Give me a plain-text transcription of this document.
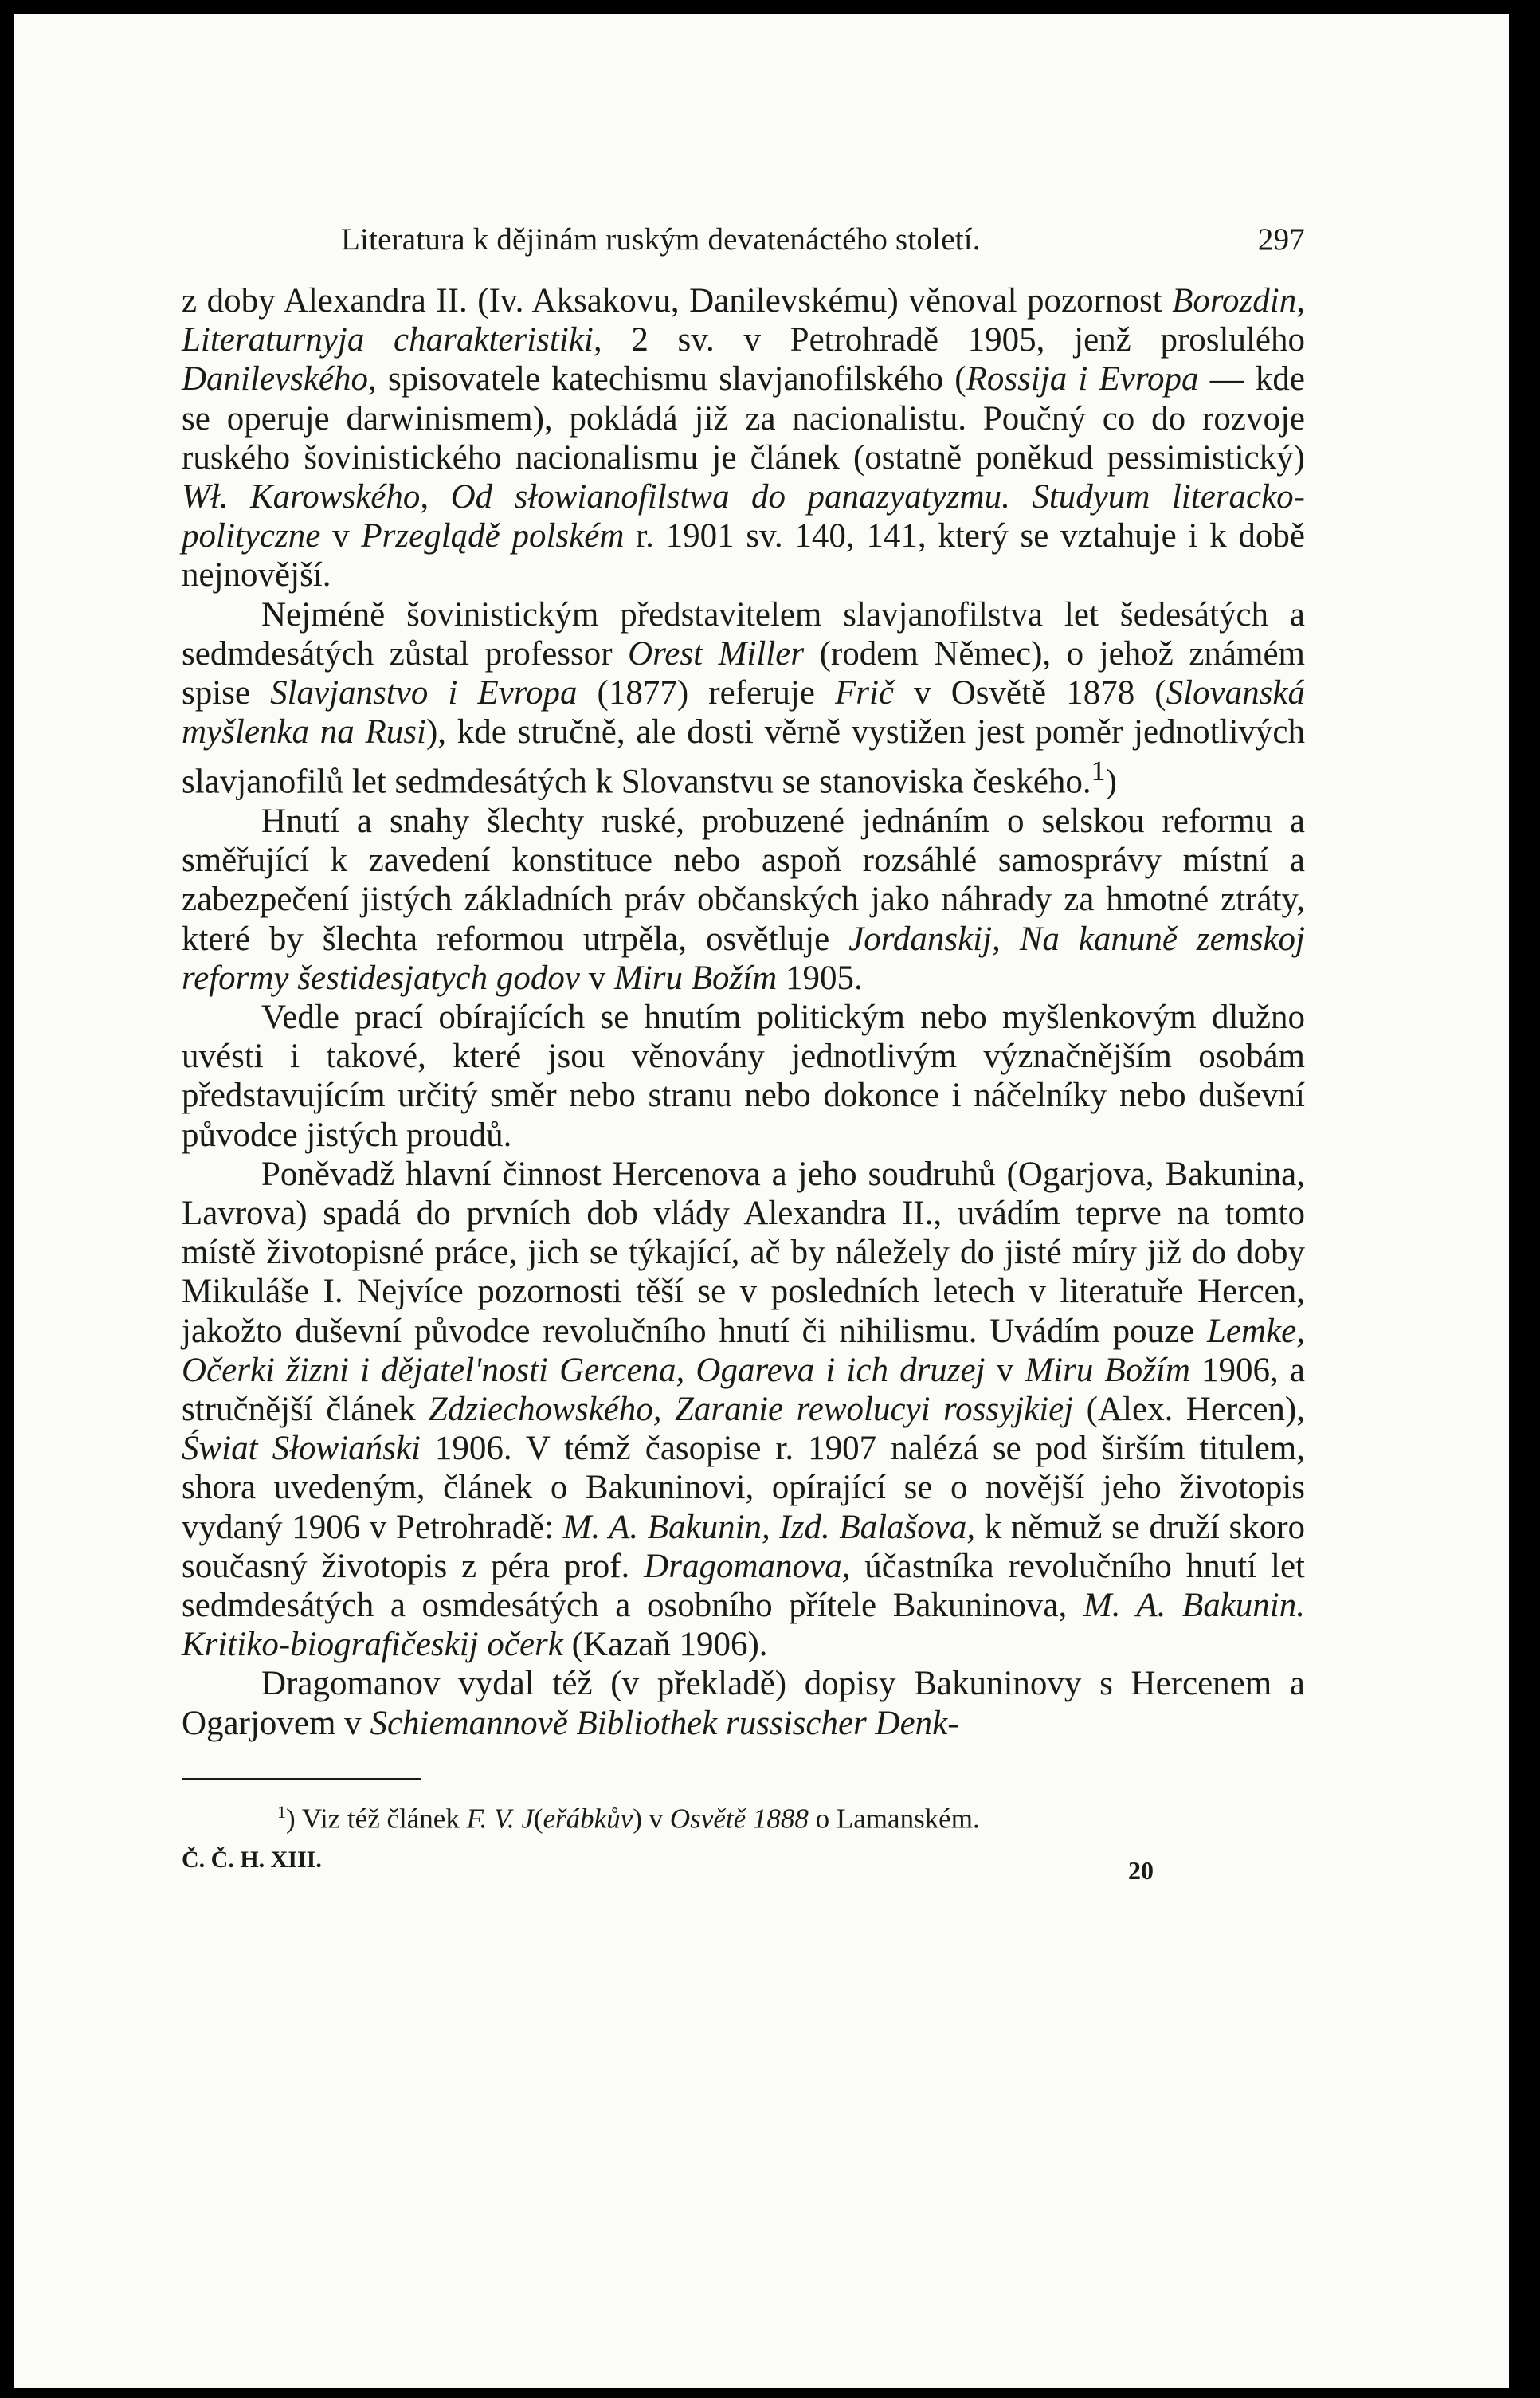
Literatura k dějinám ruským devatenáctého století.	297

z doby Alexandra II. (Iv. Aksakovu, Danilevskému) věnoval pozornost Borozdin, Literaturnyja charakteristiki, 2 sv. v Petrohradě 1905, jenž proslulého Danilevského, spisovatele katechismu slavjanofilského (Rossija i Evropa — kde se operuje darwinismem), pokládá již za nacionalistu. Poučný co do rozvoje ruského šovinistického nacionalismu je článek (ostatně poněkud pessimistický) Wł. Karowského, Od słowianofilstwa do panazyatyzmu. Studyum literacko-polityczne v Przeglądě polském r. 1901 sv. 140, 141, který se vztahuje i k době nejnovější.

Nejméně šovinistickým představitelem slavjanofilstva let šedesátých a sedmdesátých zůstal professor Orest Miller (rodem Němec), o jehož známém spise Slavjanstvo i Evropa (1877) referuje Frič v Osvětě 1878 (Slovanská myšlenka na Rusi), kde stručně, ale dosti věrně vystižen jest poměr jednotlivých slavjanofilů let sedmdesátých k Slovanstvu se stanoviska českého.$^1$)

Hnutí a snahy šlechty ruské, probuzené jednáním o selskou reformu a směřující k zavedení konstituce nebo aspoň rozsáhlé samosprávy místní a zabezpečení jistých základních práv občanských jako náhrady za hmotné ztráty, které by šlechta reformou utrpěla, osvětluje Jordanskij, Na kanuně zemskoj reformy šestidesjatych godov v Miru Božím 1905.

Vedle prací obírajících se hnutím politickým nebo myšlenkovým dlužno uvésti i takové, které jsou věnovány jednotlivým význačnějším osobám představujícím určitý směr nebo stranu nebo dokonce i náčelníky nebo duševní původce jistých proudů.

Poněvadž hlavní činnost Hercenova a jeho soudruhů (Ogarjova, Bakunina, Lavrova) spadá do prvních dob vlády Alexandra II., uvádím teprve na tomto místě životopisné práce, jich se týkající, ač by náležely do jisté míry již do doby Mikuláše I. Nejvíce pozornosti těší se v posledních letech v literatuře Hercen, jakožto duševní původce revolučního hnutí či nihilismu. Uvádím pouze Lemke, Očerki žizni i dějatel'nosti Gercena, Ogareva i ich druzej v Miru Božím 1906, a stručnější článek Zdziechowského, Zaranie rewolucyi rossyjkiej (Alex. Hercen), Świat Słowiański 1906. V témž časopise r. 1907 nalézá se pod širším titulem, shora uvedeným, článek o Bakuninovi, opírající se o novější jeho životopis vydaný 1906 v Petrohradě: M. A. Bakunin, Izd. Balašova, k němuž se druží skoro současný životopis z péra prof. Dragomanova, účastníka revolučního hnutí let sedmdesátých a osmdesátých a osobního přítele Bakuninova, M. A. Bakunin. Kritiko-biografičeskij očerk (Kazaň 1906).

Dragomanov vydal též (v překladě) dopisy Bakuninovy s Hercenem a Ogarjovem v Schiemannově Bibliothek russischer Denk-

$^1$) Viz též článek F. V. J(eřábkův) v Osvětě 1888 o Lamanském.
Č. Č. H. XIII.	20
